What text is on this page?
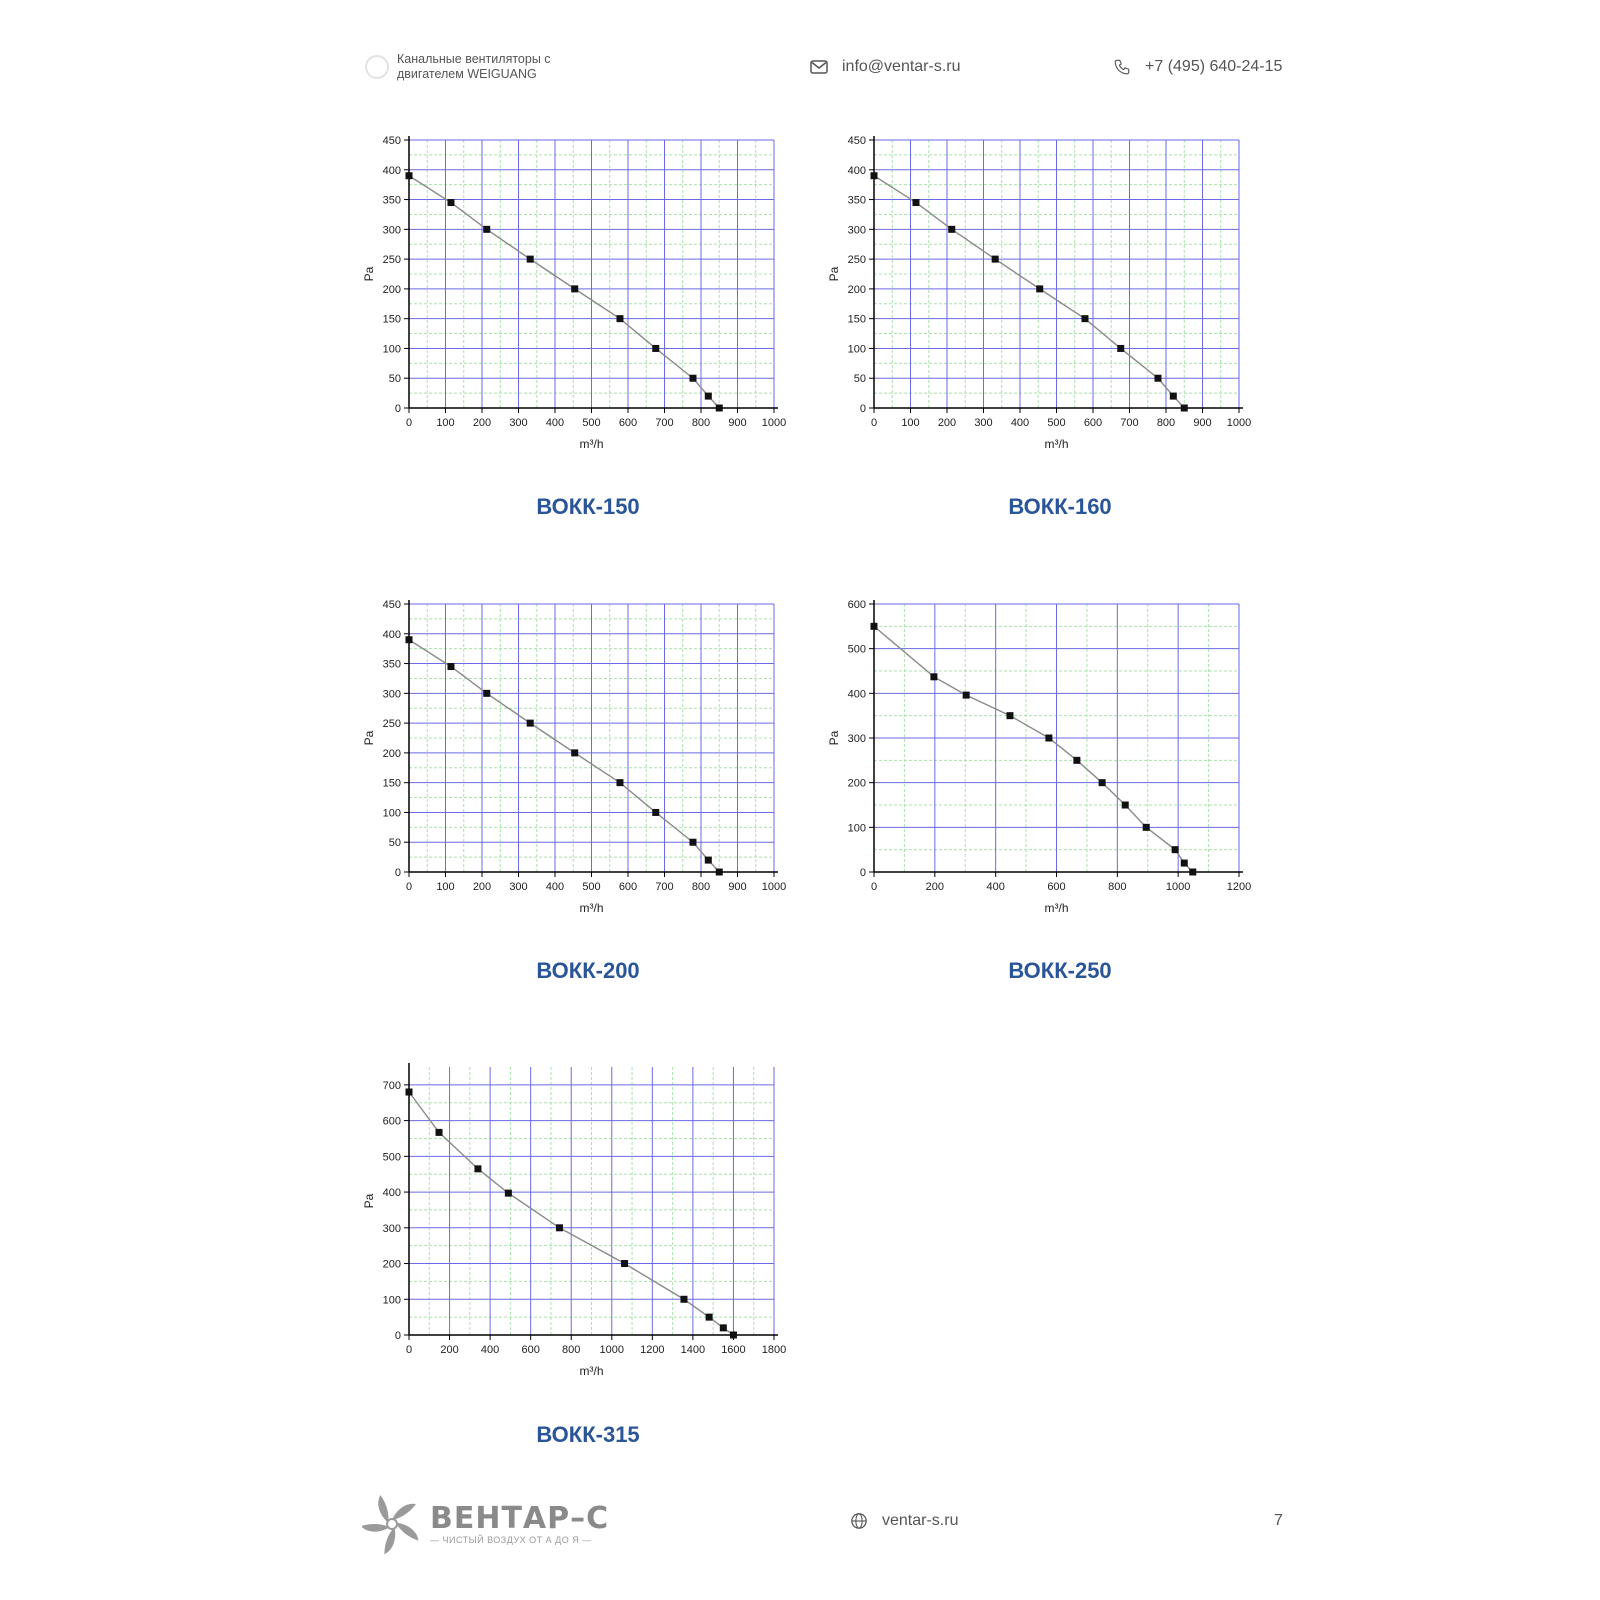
Канальные вентиляторы с двигателем WEIGUANG	info@ventar-s.ru	+7 (495) 640-24-15
0 100 200 300 400 500 600 700 800 900 1000
0
50
100
150
200
250
300
350
400
450
m³/h
Pa
ВОКК-150
0 100 200 300 400 500 600 700 800 900 1000
0
50
100
150
200
250
300
350
400
450
m³/h
Pa
ВОКК-160
0 100 200 300 400 500 600 700 800 900 1000
0
50
100
150
200
250
300
350
400
450
m³/h
Pa
ВОКК-200
0	200	400	600	800	1000	1200
0
100
200
300
400
500
600
m³/h
Pa
ВОКК-250
0	200 400 600 800 1000 1200 1400 1600 1800
0
100
200
300
400
500
600
700
m³/h
Pa
ВОКК-315
ВЕНТАР–С
— ЧИСТЫЙ ВОЗДУХ ОТ А ДО Я —
ventar-s.ru	7
